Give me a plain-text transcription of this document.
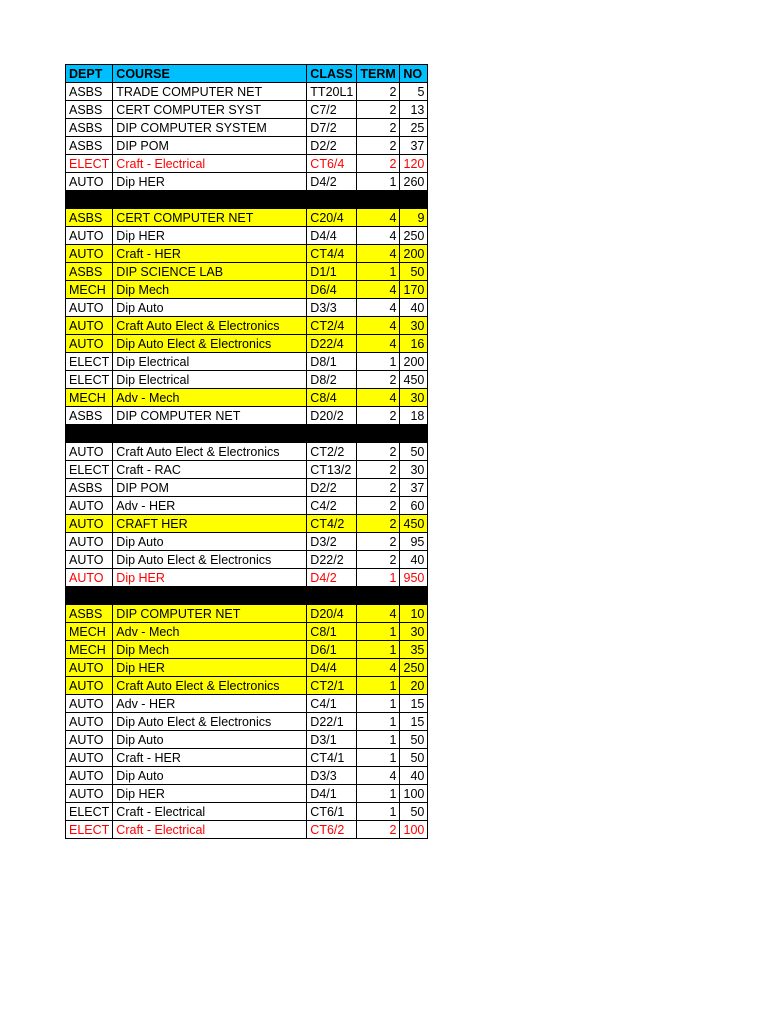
DEPT	COURSE	CLASS	TERM	NO
ASBS	TRADE COMPUTER NET	TT20L1	2	5
ASBS	CERT COMPUTER SYST	C7/2	2	13
ASBS	DIP COMPUTER SYSTEM	D7/2	2	25
ASBS	DIP POM	D2/2	2	37
ELECT	Craft - Electrical	CT6/4	2	120
AUTO	Dip HER	D4/2	1	260

ASBS	CERT COMPUTER NET	C20/4	4	9
AUTO	Dip HER	D4/4	4	250
AUTO	Craft - HER	CT4/4	4	200
ASBS	DIP SCIENCE LAB	D1/1	1	50
MECH	Dip Mech	D6/4	4	170
AUTO	Dip Auto	D3/3	4	40
AUTO	Craft Auto Elect & Electronics	CT2/4	4	30
AUTO	Dip Auto Elect & Electronics	D22/4	4	16
ELECT	Dip Electrical	D8/1	1	200
ELECT	Dip Electrical	D8/2	2	450
MECH	Adv - Mech	C8/4	4	30
ASBS	DIP COMPUTER NET	D20/2	2	18

AUTO	Craft Auto Elect & Electronics	CT2/2	2	50
ELECT	Craft - RAC	CT13/2	2	30
ASBS	DIP POM	D2/2	2	37
AUTO	Adv - HER	C4/2	2	60
AUTO	CRAFT HER	CT4/2	2	450
AUTO	Dip Auto	D3/2	2	95
AUTO	Dip Auto Elect & Electronics	D22/2	2	40
AUTO	Dip HER	D4/2	1	950

ASBS	DIP COMPUTER NET	D20/4	4	10
MECH	Adv - Mech	C8/1	1	30
MECH	Dip Mech	D6/1	1	35
AUTO	Dip HER	D4/4	4	250
AUTO	Craft Auto Elect & Electronics	CT2/1	1	20
AUTO	Adv - HER	C4/1	1	15
AUTO	Dip Auto Elect & Electronics	D22/1	1	15
AUTO	Dip Auto	D3/1	1	50
AUTO	Craft - HER	CT4/1	1	50
AUTO	Dip Auto	D3/3	4	40
AUTO	Dip HER	D4/1	1	100
ELECT	Craft - Electrical	CT6/1	1	50
ELECT	Craft - Electrical	CT6/2	2	100
